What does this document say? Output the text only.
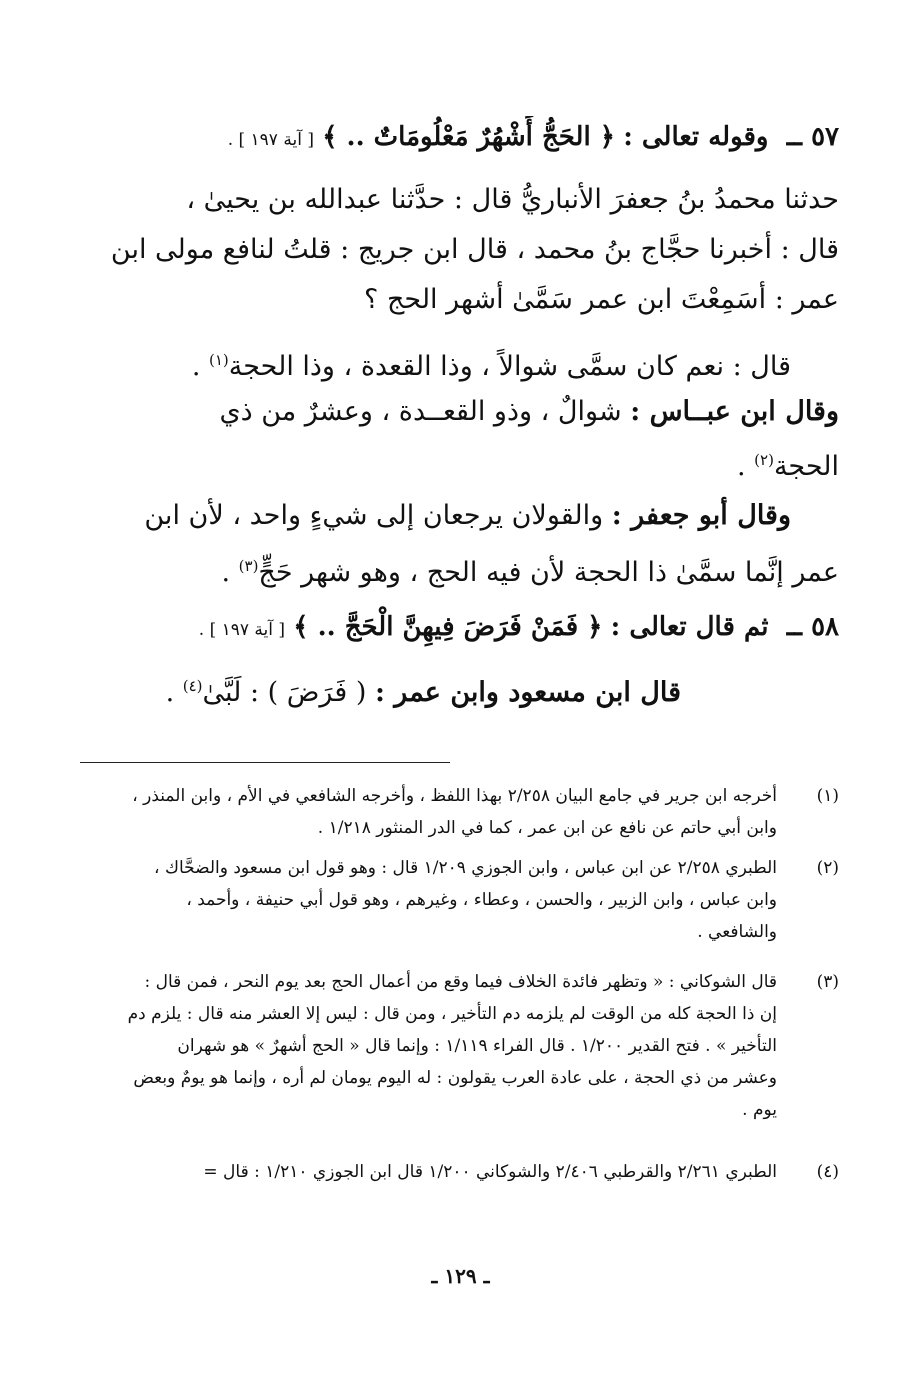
٥٧ ــ وقوله تعالى : ﴿ الحَجُّ أَشْهُرٌ مَعْلُومَاتٌ .. ﴾ [ آية ١٩٧ ] .
حدثنا محمدُ بنُ جعفرَ الأنباريُّ قال : حدَّثنا عبدالله بن يحيىٰ ،
قال : أخبرنا حجَّاج بنُ محمد ، قال ابن جريج : قلتُ لنافع مولى ابن
عمر : أَسَمِعْتَ ابن عمر سَمَّىٰ أشهر الحج ؟
قال : نعم كان سمَّى شوالاً ، وذا القعدة ، وذا الحجة$^{(١)}$ .
وقال ابن عبــاس : شوالٌ ، وذو القعــدة ، وعشرٌ من ذي
الحجة$^{(٢)}$ .
وقال أبو جعفر : والقولان يرجعان إلى شيءٍ واحد ، لأن ابن
عمر إنَّما سمَّىٰ ذا الحجة لأن فيه الحج ، وهو شهر حَجٍّ$^{(٣)}$ .
٥٨ ــ ثم قال تعالى : ﴿ فَمَنْ فَرَضَ فِيهِنَّ الْحَجَّ .. ﴾ [ آية ١٩٧ ] .
قال ابن مسعود وابن عمر : ( فَرَضَ ) : لَبَّىٰ$^{(٤)}$ .
(١)
أخرجه ابن جرير في جامع البيان ٢/٢٥٨ بهذا اللفظ ، وأخرجه الشافعي في الأم ، وابن المنذر ،
وابن أبي حاتم عن نافع عن ابن عمر ، كما في الدر المنثور ١/٢١٨ .
(٢)
الطبري ٢/٢٥٨ عن ابن عباس ، وابن الجوزي ١/٢٠٩ قال : وهو قول ابن مسعود والضحَّاك ،
وابن عباس ، وابن الزبير ، والحسن ، وعطاء ، وغيرهم ، وهو قول أبي حنيفة ، وأحمد ،
والشافعي .
(٣)
قال الشوكاني : « وتظهر فائدة الخلاف فيما وقع من أعمال الحج بعد يوم النحر ، فمن قال :
إن ذا الحجة كله من الوقت لم يلزمه دم التأخير ، ومن قال : ليس إلا العشر منه قال : يلزم دم
التأخير » . فتح القدير ١/٢٠٠ . قال الفراء ١/١١٩ : وإنما قال « الحج أشهرٌ » هو شهران
وعشر من ذي الحجة ، على عادة العرب يقولون : له اليوم يومان لم أره ، وإنما هو يومٌ وبعض
يوم .
(٤)
الطبري ٢/٢٦١ والقرطبي ٢/٤٠٦ والشوكاني ١/٢٠٠ قال ابن الجوزي ١/٢١٠ : قال =
ـ ١٢٩ ـ
